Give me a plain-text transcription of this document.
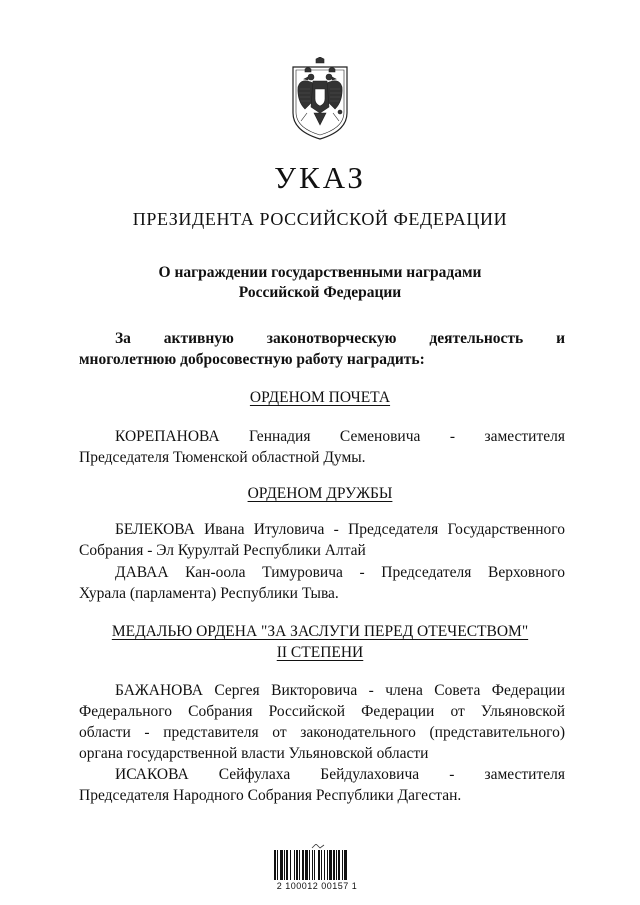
УКАЗ
ПРЕЗИДЕНТА РОССИЙСКОЙ ФЕДЕРАЦИИ
О награждении государственными наградами
Российской Федерации
За активную законотворческую деятельность и
многолетнюю добросовестную работу наградить:
ОРДЕНОМ ПОЧЕТА
КОРЕПАНОВА Геннадия Семеновича - заместителя
Председателя Тюменской областной Думы.
ОРДЕНОМ ДРУЖБЫ
БЕЛЕКОВА Ивана Итуловича - Председателя Государственного
Собрания - Эл Курултай Республики Алтай
ДАВАА Кан-оола Тимуровича - Председателя Верховного
Хурала (парламента) Республики Тыва.
МЕДАЛЬЮ ОРДЕНА "ЗА ЗАСЛУГИ ПЕРЕД ОТЕЧЕСТВОМ"
II СТЕПЕНИ
БАЖАНОВА Сергея Викторовича - члена Совета Федерации
Федерального Собрания Российской Федерации от Ульяновской
области - представителя от законодательного (представительного)
органа государственной власти Ульяновской области
ИСАКОВА Сейфулаха Бейдулаховича - заместителя
Председателя Народного Собрания Республики Дагестан.
2 100012 00157 1
